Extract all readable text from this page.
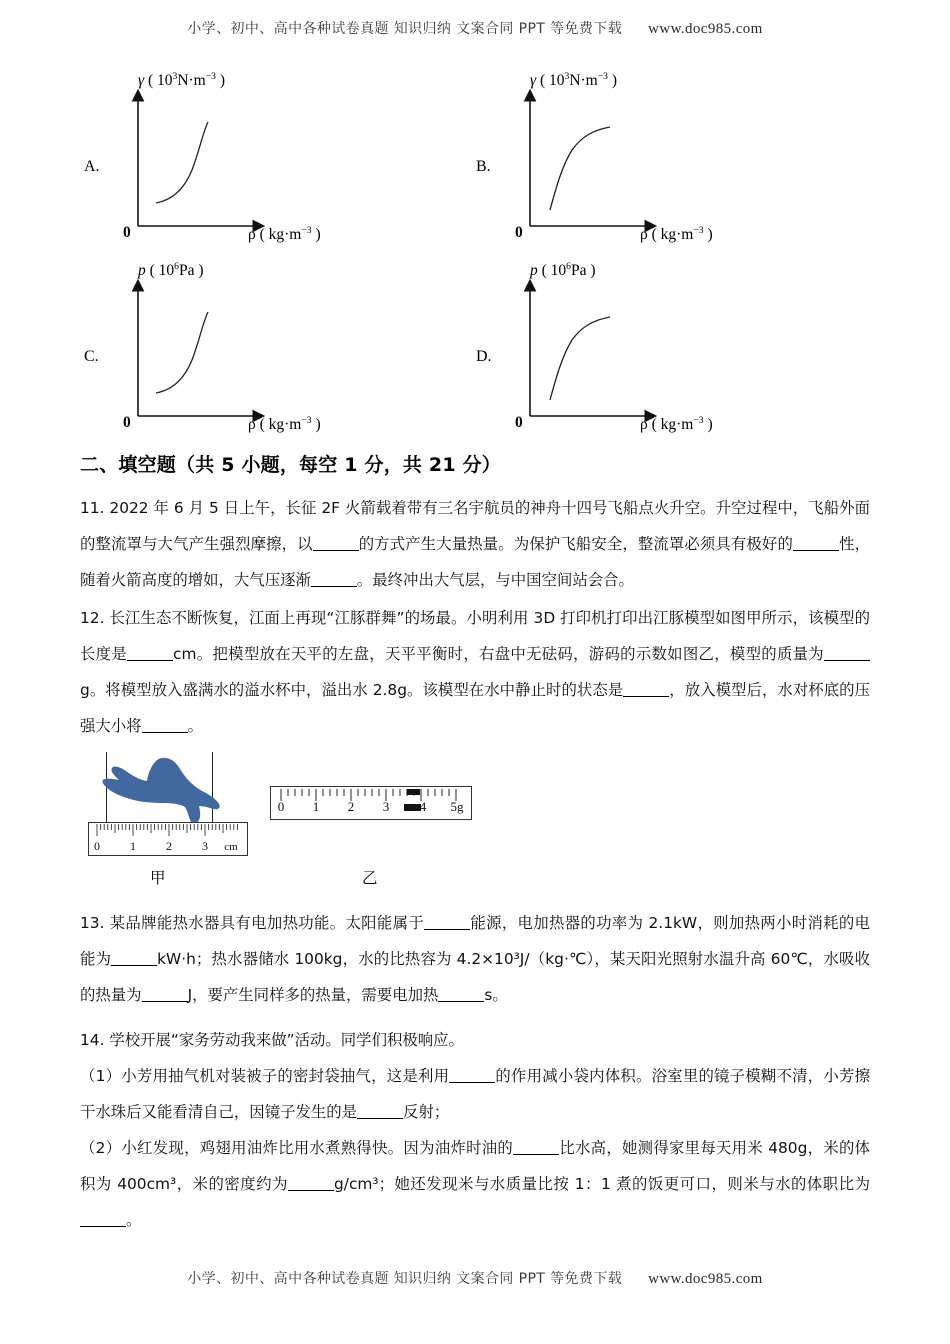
小学、初中、高中各种试卷真题 知识归纳 文案合同 PPT 等免费下载 www.doc985.com
A.
γ ( $10^3N\cdot m^{-3}$ )
0	ρ ( $kg\cdot m^{-3}$ )
B.
γ ( $10^3N\cdot m^{-3}$ )
0	ρ ( $kg\cdot m^{-3}$ )
C.
p ( $10^6Pa$ )
0	ρ ( $kg\cdot m^{-3}$ )
D.
p ( $10^6Pa$ )
0	ρ ( $kg\cdot m^{-3}$ )
二、填空题（共 5 小题，每空 1 分，共 21 分）
11. 2022 年 6 月 5 日上午，长征 2F 火箭载着带有三名宇航员的神舟十四号飞船点火升空。升空过程中，飞船外面的整流罩与大气产生强烈摩擦，以	的方式产生大量热量。为保护飞船安全，整流罩必须具有极好的	性，随着火箭高度的增如，大气压逐渐	。最终冲出大气层，与中国空间站会合。
12. 长江生态不断恢复，江面上再现“江豚群舞”的场最。小明利用 3D 打印机打印出江豚模型如图甲所示，该模型的长度是	cm。把模型放在天平的左盘，天平平衡时，右盘中无砝码，游码的示数如图乙，模型的质量为g。将模型放入盛满水的溢水杯中，溢出水 2.8g。该模型在水中静止时的状态是	，放入模型后，水对杯底的压强大小将	。
0	1	2	3 cm
甲
0 1 2 3 4 5g
乙
13. 某品牌能热水器具有电加热功能。太阳能属于	能源，电加热器的功率为 2.1kW，则加热两小时消耗的电能为	kW·h；热水器储水 100kg，水的比热容为 4.2×10³J/（kg·℃），某天阳光照射水温升高 60℃，水吸收的热量为	J，要产生同样多的热量，需要电加热	s。
14. 学校开展“家务劳动我来做”活动。同学们积极响应。
（1）小芳用抽气机对装被子的密封袋抽气，这是利用	的作用减小袋内体积。浴室里的镜子模糊不清，小芳擦干水珠后又能看清自己，因镜子发生的是	反射；
（2）小红发现，鸡翅用油炸比用水煮熟得快。因为油炸时油的	比水高，她测得家里每天用米 480g，米的体积为 400cm³，米的密度约为	g/cm³；她还发现米与水质量比按 1：1 煮的饭更可口，则米与水的体职比为。
小学、初中、高中各种试卷真题 知识归纳 文案合同 PPT 等免费下载 www.doc985.com
